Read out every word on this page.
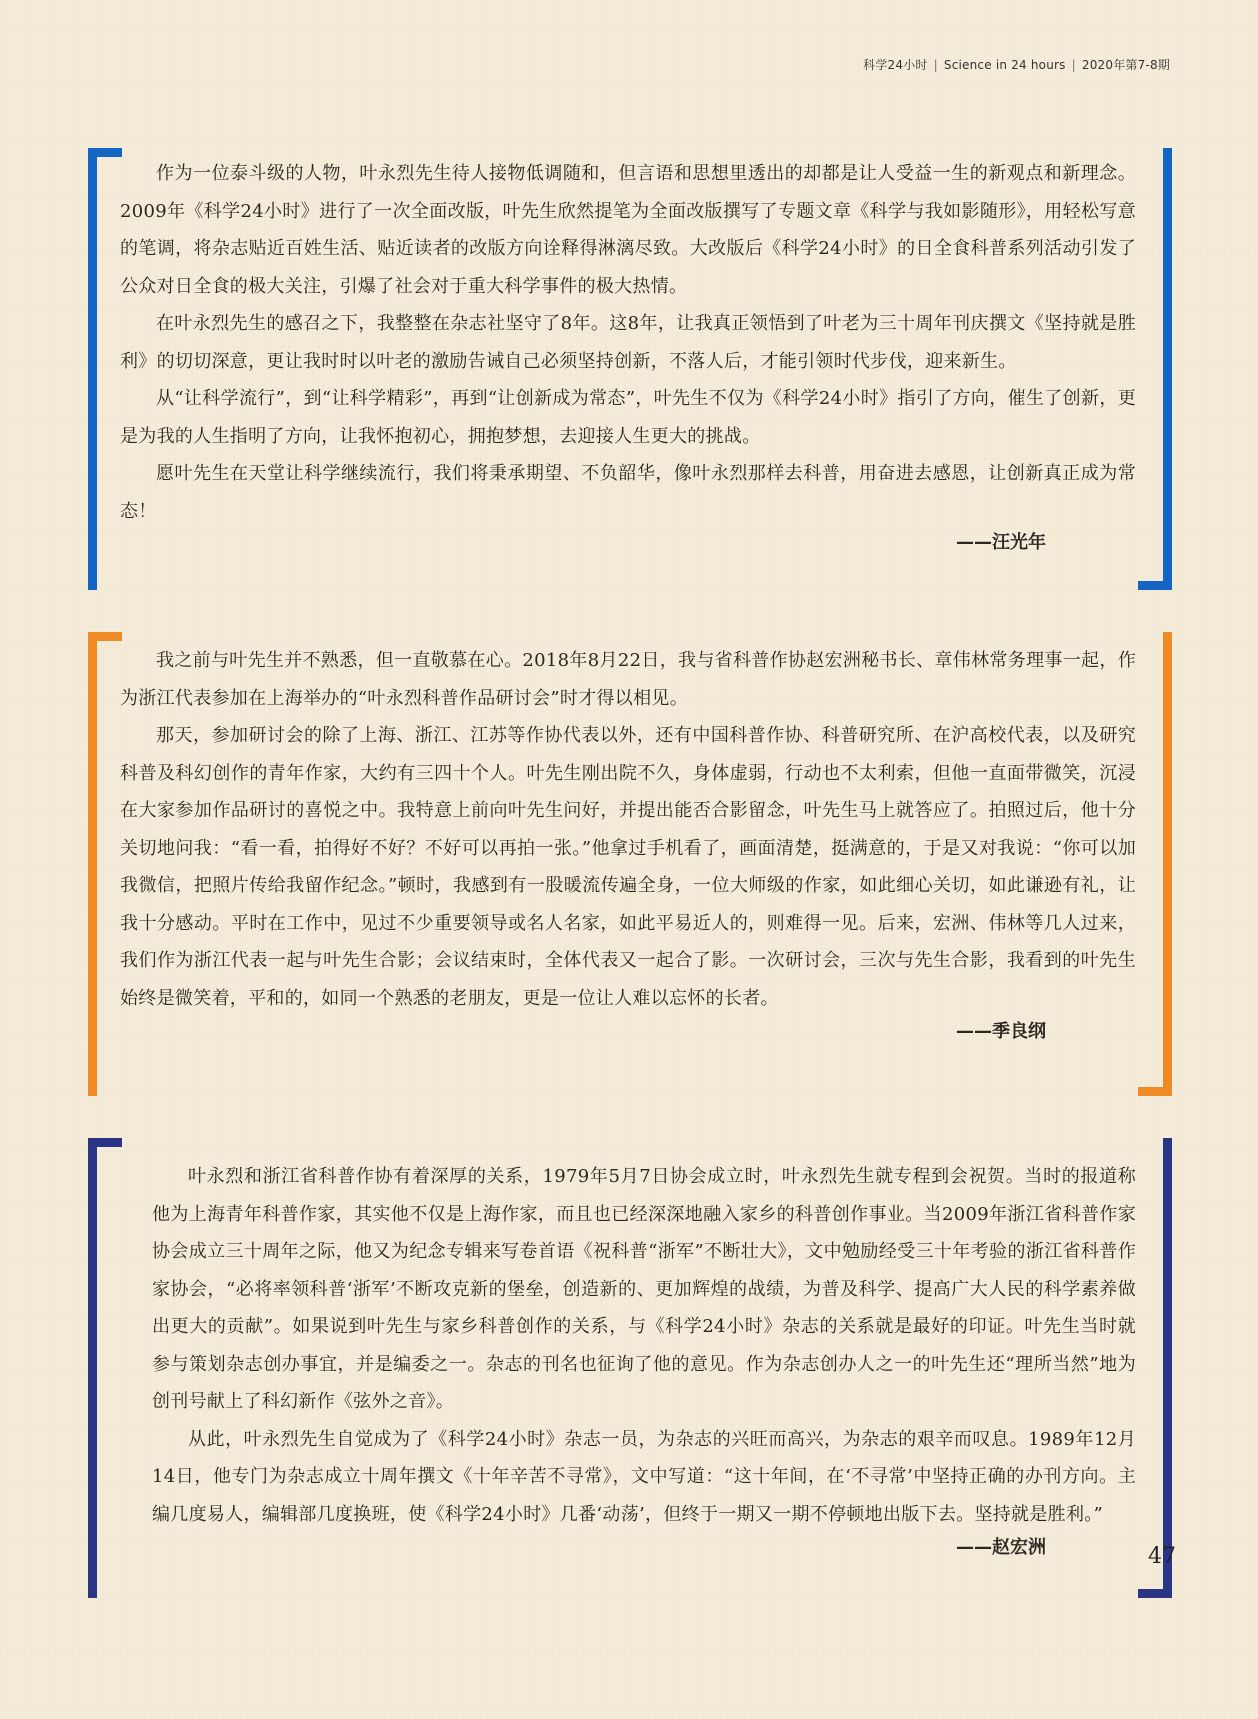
科学24小时 | Science in 24 hours | 2020年第7-8期

作为一位泰斗级的人物，叶永烈先生待人接物低调随和，但言语和思想里透出的却都是让人受益一生的新观点和新理念。2009年《科学24小时》进行了一次全面改版，叶先生欣然提笔为全面改版撰写了专题文章《科学与我如影随形》，用轻松写意的笔调，将杂志贴近百姓生活、贴近读者的改版方向诠释得淋漓尽致。大改版后《科学24小时》的日全食科普系列活动引发了公众对日全食的极大关注，引爆了社会对于重大科学事件的极大热情。

在叶永烈先生的感召之下，我整整在杂志社坚守了8年。这8年，让我真正领悟到了叶老为三十周年刊庆撰文《坚持就是胜利》的切切深意，更让我时时以叶老的激励告诫自己必须坚持创新，不落人后，才能引领时代步伐，迎来新生。

从“让科学流行”，到“让科学精彩”，再到“让创新成为常态”，叶先生不仅为《科学24小时》指引了方向，催生了创新，更是为我的人生指明了方向，让我怀抱初心，拥抱梦想，去迎接人生更大的挑战。

愿叶先生在天堂让科学继续流行，我们将秉承期望、不负韶华，像叶永烈那样去科普，用奋进去感恩，让创新真正成为常态！

——汪光年

我之前与叶先生并不熟悉，但一直敬慕在心。2018年8月22日，我与省科普作协赵宏洲秘书长、章伟林常务理事一起，作为浙江代表参加在上海举办的“叶永烈科普作品研讨会”时才得以相见。

那天，参加研讨会的除了上海、浙江、江苏等作协代表以外，还有中国科普作协、科普研究所、在沪高校代表，以及研究科普及科幻创作的青年作家，大约有三四十个人。叶先生刚出院不久，身体虚弱，行动也不太利索，但他一直面带微笑，沉浸在大家参加作品研讨的喜悦之中。我特意上前向叶先生问好，并提出能否合影留念，叶先生马上就答应了。拍照过后，他十分关切地问我：“看一看，拍得好不好？不好可以再拍一张。”他拿过手机看了，画面清楚，挺满意的，于是又对我说：“你可以加我微信，把照片传给我留作纪念。”顿时，我感到有一股暖流传遍全身，一位大师级的作家，如此细心关切，如此谦逊有礼，让我十分感动。平时在工作中，见过不少重要领导或名人名家，如此平易近人的，则难得一见。后来，宏洲、伟林等几人过来，我们作为浙江代表一起与叶先生合影；会议结束时，全体代表又一起合了影。一次研讨会，三次与先生合影，我看到的叶先生始终是微笑着，平和的，如同一个熟悉的老朋友，更是一位让人难以忘怀的长者。

——季良纲

叶永烈和浙江省科普作协有着深厚的关系，1979年5月7日协会成立时，叶永烈先生就专程到会祝贺。当时的报道称他为上海青年科普作家，其实他不仅是上海作家，而且也已经深深地融入家乡的科普创作事业。当2009年浙江省科普作家协会成立三十周年之际，他又为纪念专辑来写卷首语《祝科普“浙军”不断壮大》，文中勉励经受三十年考验的浙江省科普作家协会，“必将率领科普‘浙军’不断攻克新的堡垒，创造新的、更加辉煌的战绩，为普及科学、提高广大人民的科学素养做出更大的贡献”。如果说到叶先生与家乡科普创作的关系，与《科学24小时》杂志的关系就是最好的印证。叶先生当时就参与策划杂志创办事宜，并是编委之一。杂志的刊名也征询了他的意见。作为杂志创办人之一的叶先生还“理所当然”地为创刊号献上了科幻新作《弦外之音》。

从此，叶永烈先生自觉成为了《科学24小时》杂志一员，为杂志的兴旺而高兴，为杂志的艰辛而叹息。1989年12月14日，他专门为杂志成立十周年撰文《十年辛苦不寻常》，文中写道：“这十年间，在‘不寻常’中坚持正确的办刊方向。主编几度易人，编辑部几度换班，使《科学24小时》几番‘动荡’，但终于一期又一期不停顿地出版下去。坚持就是胜利。”

——赵宏洲	47
